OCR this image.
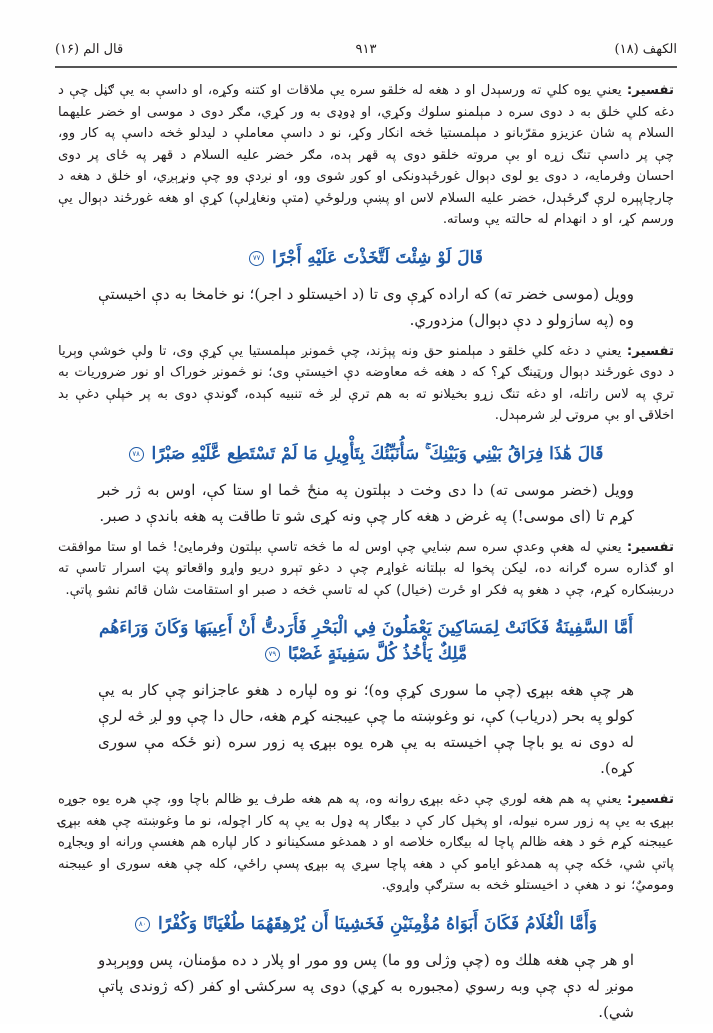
الكهف (۱۸)
۹۱۳
قال الم (۱۶)

تفسير: يعني يوه كلي ته ورسېدل او د هغه له خلقو سره يې ملاقات او كتنه وكړه، او داسې به يې ګڼل چې د دغه كلي خلق به د دوی سره د مېلمنو سلوك وكړي، او ډوډی به ور كړي، مګر دوی د موسی او خضر عليهما السلام په شان عزيزو مقرّبانو د مېلمستيا څخه انكار وكړ، نو د داسې معاملې د لیدلو څخه داسې په كار وو، چې پر داسې تنګ زړه او بې مروته خلقو دوی په قهر ېده، مګر خضر عليه السلام د قهر په ځای پر دوی احسان وفرمايه، د دوی يو لوی دېوال غورځېدونكی او كوږ شوی وو، او نږدې وو چې ونړېږي، او خلق د هغه د چارچاپېره لرې ګرځېدل، خضر عليه السلام لاس او پښې ورلوځي (متې ونغاړلې) كړې او هغه غورځند دېوال يې ورسم كړ، او د انهدام له حالته يې وساته.

قَالَ لَوْ شِئْتَ لَتَّخَذْتَ عَلَيْهِ أَجْرًا ۷۷

وويل (موسی خضر ته) كه اراده كړې وی تا (د اخيستلو د اجر)؛ نو خامخا به دې اخيستې وه (په سازولو د دې دېوال) مزدوري.

تفسير: يعني د دغه كلي خلقو د مېلمنو حق ونه پېژند، چې څمونږ مېلمستيا يې كړې وی، تا ولې خوشې وېريا د دوی غورځند دېوال ورټينګ كړ؟ كه د هغه څه معاوضه دې اخيستې وی؛ نو څمونږ خوراک او نور ضروريات به ترې په لاس راتله، او دغه تنګ زړو بخيلانو ته به هم ترې لږ څه تنبيه كېده، ګوندې دوی به پر خپلې دغې بد اخلاقۍ او بې مروتۍ لږ شرمېدل.

قَالَ هَٰذَا فِرَاقُ بَيْنِي وَبَيْنِكَ ۚ سَأُنَبِّئُكَ بِتَأْوِيلِ مَا لَمْ تَسْتَطِع عَّلَيْهِ صَبْرًا ۷۸

وويل (خضر موسی ته) دا دی وخت د بېلتون په منځ څما او ستا كې، اوس به ژر خبر كړم تا (ای موسی!) په غرض د هغه كار چې ونه كړی شو تا طاقت په هغه باندې د صبر.

تفسير: يعني له هغې وعدې سره سم ښايي چې اوس له ما څخه تاسې بېلتون وفرمايئ! څما او ستا موافقت او ګذاره سره ګرانه ده، ليكن پخوا له بېلتانه غواړم چې د دغو تېرو دريو واړو واقعاتو پټ اسرار تاسې ته دربښكاره كړم، چې د هغو په فكر او ځرت (خيال) كې له تاسې څخه د صبر او استقامت شان قائم نشو پاتې.

أَمَّا السَّفِينَةُ فَكَانَتْ لِمَسَاكِينَ يَعْمَلُونَ فِي الْبَحْرِ فَأَرَدتُّ أَنْ أَعِيبَهَا وَكَانَ وَرَاءَهُم مَّلِكٌ يَأْخُذُ كُلَّ سَفِينَةٍ غَصْبًا ۷۹

هر چې هغه بېړۍ (چې ما سوری كړې وه)؛ نو وه لپاره د هغو عاجزانو چې كار به يې كولو په بحر (درياب) كې، نو وغوښته ما چې عيبجنه كړم هغه، حال دا چې وو لږ څه لرې له دوی نه يو باچا چې اخيسته به يې هره يوه بېړۍ په زور سره (نو ځكه مې سوری كړه).

تفسير: يعني په هم هغه لوري چې دغه بېړۍ روانه وه، په هم هغه طرف يو ظالم باچا وو، چې هره يوه جوړه بېړۍ به يې په زور سره نيوله، او پخپل كار كې د بيګار په ډول به يې په كار اچوله، نو ما وغوښته چې هغه بېړۍ عيبجنه كړم څو د هغه ظالم پاچا له بيګاره خلاصه او د همدغو مسكينانو د كار لپاره هم هغسې ورانه او ويجاړه پاتې شي، ځكه چې په همدغو ايامو كې د هغه پاچا سړي په بېړۍ پسې راځي، كله چې هغه سوری او عيبجنه وموميٌ؛ نو د هغې د اخيستلو څخه به سترګې واړوي.

وَأَمَّا الْغُلَامُ فَكَانَ أَبَوَاهُ مُؤْمِنَيْنِ فَخَشِينَا أَن يُرْهِقَهُمَا طُغْيَانًا وَكُفْرًا ۸۰

او هر چې هغه هلك وه (چې وژلی وو ما) پس وو مور او پلار د ده مؤمنان، پس ووېرېدو مونږ له دې چې وبه رسوي (مجبوره به كړي) دوی په سركشۍ او كفر (كه ژوندی پاتې شي).
